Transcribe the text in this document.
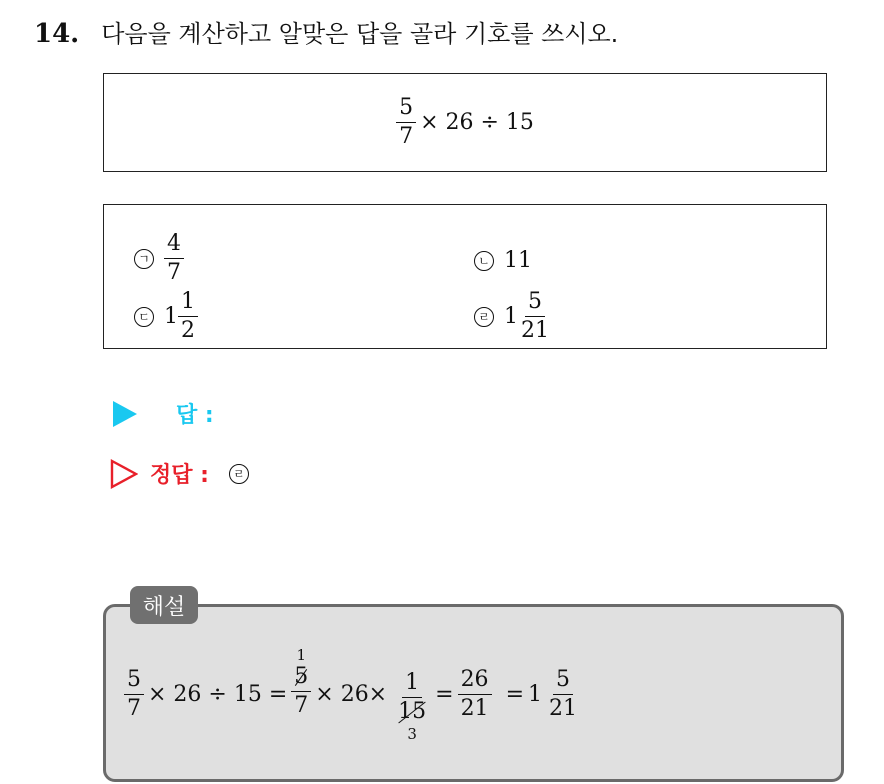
14. 다음을 계산하고 알맞은 답을 골라 기호를 쓰시오.
$\frac{5}{7} \times 26 \div 15$
ㄱ $\frac{4}{7}$	ㄴ 11
ㄷ $1 \frac{1}{2}$	ㄹ $1 \frac{5}{21}$
답 :
정답 :	ㄹ
해설
$\frac{5}{7} \times 26 \div 15$ =
1
$\frac{5}{7} \times 26\times \frac{1}{15}$
3
= $\frac{26}{21} = 1 \frac{5}{21}$
